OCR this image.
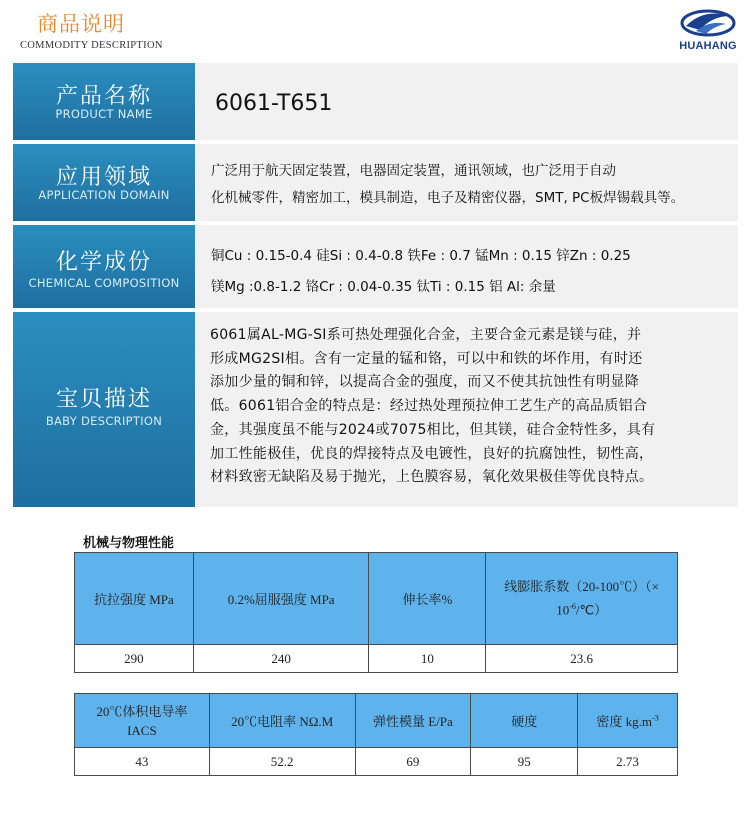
商品说明
COMMODITY DESCRIPTION	HUAHANG
产品名称
PRODUCT NAME	6061-T651
应用领域
APPLICATION DOMAIN
广泛用于航天固定装置，电器固定装置，通讯领域，也广泛用于自动
化机械零件，精密加工，模具制造，电子及精密仪器，SMT, PC板焊锡载具等。
化学成份
CHEMICAL COMPOSITION
铜Cu : 0.15-0.4 硅Si : 0.4-0.8 铁Fe : 0.7 锰Mn : 0.15 锌Zn : 0.25
镁Mg :0.8-1.2 铬Cr : 0.04-0.35 钛Ti : 0.15 铝 Al: 余量
宝贝描述
BABY DESCRIPTION
6061属AL-MG-SI系可热处理强化合金，主要合金元素是镁与硅，并
形成MG2SI相。含有一定量的锰和铬，可以中和铁的坏作用，有时还
添加少量的铜和锌，以提高合金的强度，而又不使其抗蚀性有明显降
低。6061铝合金的特点是：经过热处理预拉伸工艺生产的高品质铝合
金，其强度虽不能与2024或7075相比，但其镁，硅合金特性多，具有
加工性能极佳，优良的焊接特点及电镀性，良好的抗腐蚀性，韧性高，
材料致密无缺陷及易于抛光，上色膜容易，氧化效果极佳等优良特点。
机械与物理性能
抗拉强度 MPa	0.2%屈服强度 MPa	伸长率%	线膨胀系数（20-100℃）（×
$10^{-6}/℃$）

290	240	10	23.6
20℃体积电导率
IACS	20℃电阻率 NΩ.M	弹性模量 E/Pa	硬度	密度 $kg.m^{-3}$
43	52.2	69	95	2.73
